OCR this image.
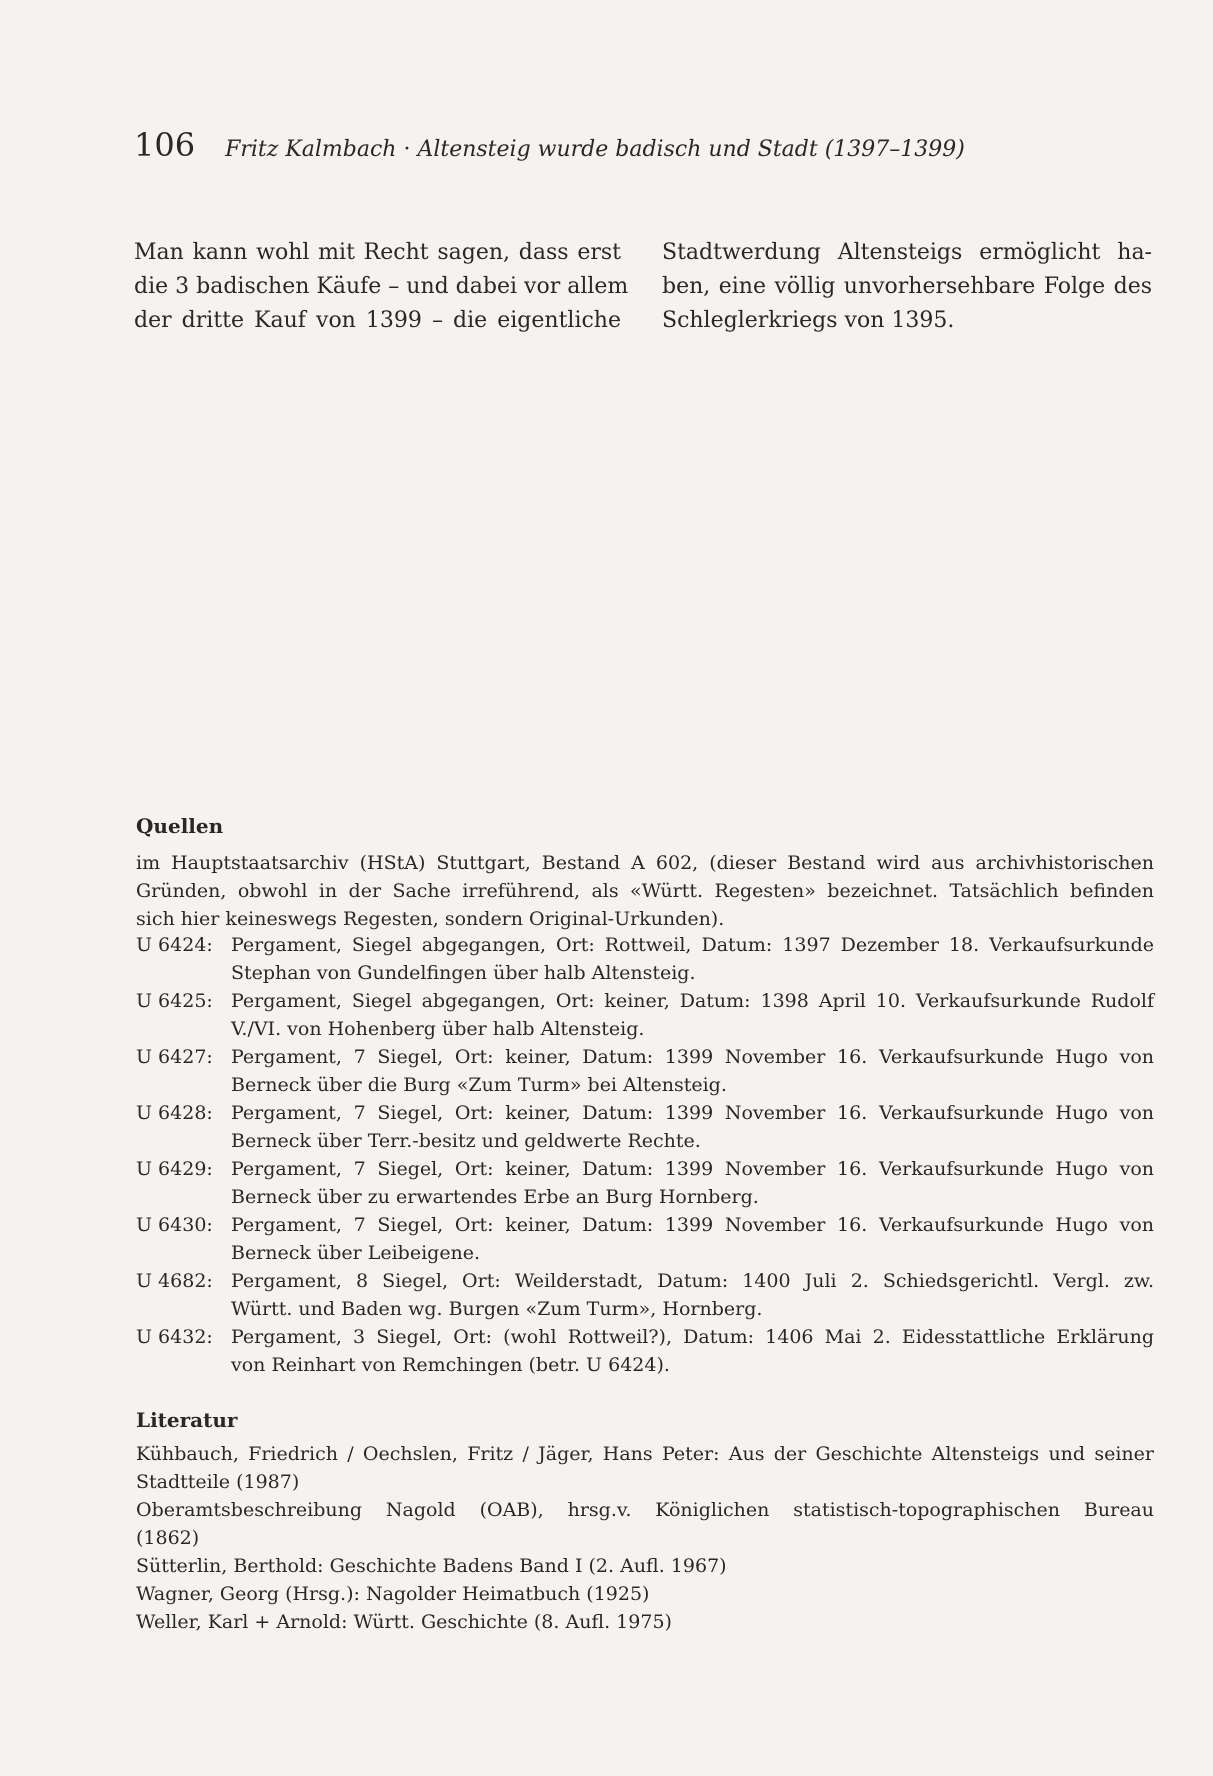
106 Fritz Kalmbach · Altensteig wurde badisch und Stadt (1397–1399)
Man kann wohl mit Recht sagen, dass erst
die 3 badischen Käufe – und dabei vor allem
der dritte Kauf von 1399 – die eigentliche
Stadtwerdung Altensteigs ermöglicht ha-
ben, eine völlig unvorhersehbare Folge des
Schleglerkriegs von 1395.
Quellen
im Hauptstaatsarchiv (HStA) Stuttgart, Bestand A 602, (dieser Bestand wird aus archivhistorischen
Gründen, obwohl in der Sache irreführend, als «Württ. Regesten» bezeichnet. Tatsächlich befinden
sich hier keineswegs Regesten, sondern Original-Urkunden).
U 6424: Pergament, Siegel abgegangen, Ort: Rottweil, Datum: 1397 Dezember 18. Verkaufsurkunde
Stephan von Gundelfingen über halb Altensteig.
U 6425: Pergament, Siegel abgegangen, Ort: keiner, Datum: 1398 April 10. Verkaufsurkunde Rudolf
V./VI. von Hohenberg über halb Altensteig.
U 6427: Pergament, 7 Siegel, Ort: keiner, Datum: 1399 November 16. Verkaufsurkunde Hugo von
Berneck über die Burg «Zum Turm» bei Altensteig.
U 6428: Pergament, 7 Siegel, Ort: keiner, Datum: 1399 November 16. Verkaufsurkunde Hugo von
Berneck über Terr.-besitz und geldwerte Rechte.
U 6429: Pergament, 7 Siegel, Ort: keiner, Datum: 1399 November 16. Verkaufsurkunde Hugo von
Berneck über zu erwartendes Erbe an Burg Hornberg.
U 6430: Pergament, 7 Siegel, Ort: keiner, Datum: 1399 November 16. Verkaufsurkunde Hugo von
Berneck über Leibeigene.
U 4682: Pergament, 8 Siegel, Ort: Weilderstadt, Datum: 1400 Juli 2. Schiedsgerichtl. Vergl. zw.
Württ. und Baden wg. Burgen «Zum Turm», Hornberg.
U 6432: Pergament, 3 Siegel, Ort: (wohl Rottweil?), Datum: 1406 Mai 2. Eidesstattliche Erklärung
von Reinhart von Remchingen (betr. U 6424).
Literatur
Kühbauch, Friedrich / Oechslen, Fritz / Jäger, Hans Peter: Aus der Geschichte Altensteigs und seiner
Stadtteile (1987)
Oberamtsbeschreibung Nagold (OAB), hrsg.v. Königlichen statistisch-topographischen Bureau
(1862)
Sütterlin, Berthold: Geschichte Badens Band I (2. Aufl. 1967)
Wagner, Georg (Hrsg.): Nagolder Heimatbuch (1925)
Weller, Karl + Arnold: Württ. Geschichte (8. Aufl. 1975)
